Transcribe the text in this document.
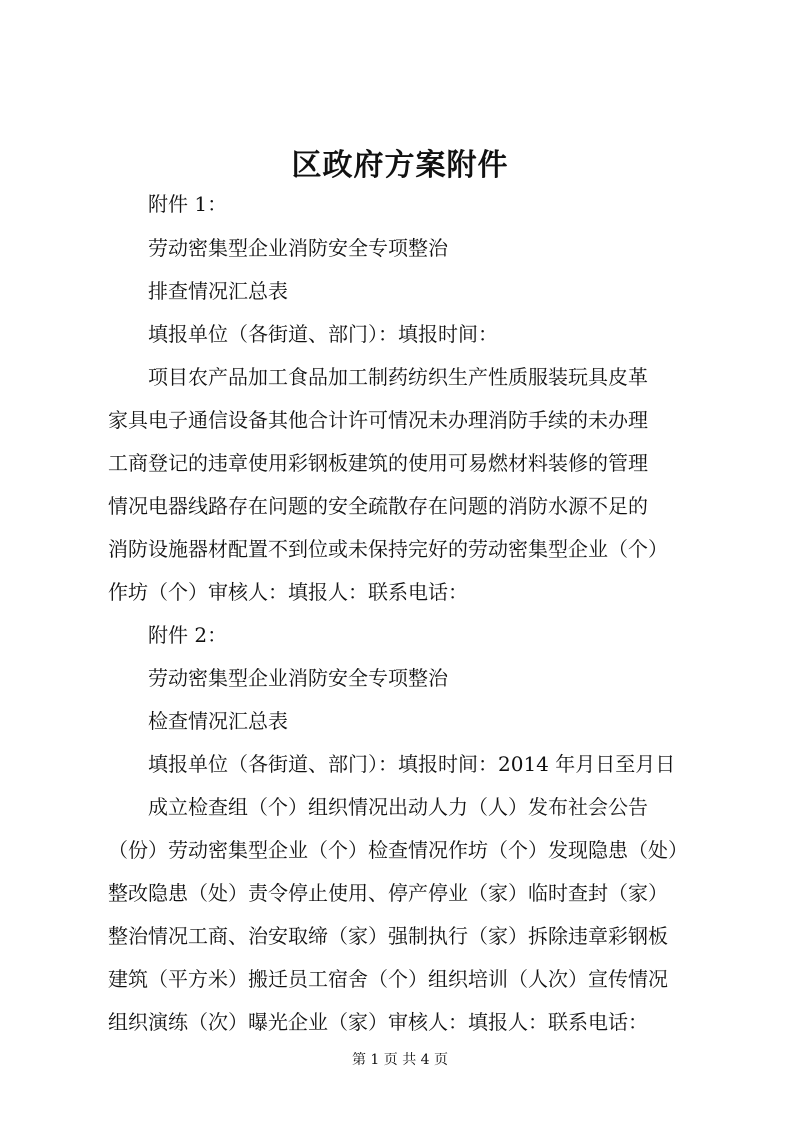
区政府方案附件
附件 1：
劳动密集型企业消防安全专项整治
排查情况汇总表
填报单位（各街道、部门）：填报时间：
项目农产品加工食品加工制药纺织生产性质服装玩具皮革
家具电子通信设备其他合计许可情况未办理消防手续的未办理
工商登记的违章使用彩钢板建筑的使用可易燃材料装修的管理
情况电器线路存在问题的安全疏散存在问题的消防水源不足的
消防设施器材配置不到位或未保持完好的劳动密集型企业（个）
作坊（个）审核人：填报人：联系电话：
附件 2：
劳动密集型企业消防安全专项整治
检查情况汇总表
填报单位（各街道、部门）：填报时间：2014 年月日至月日
成立检查组（个）组织情况出动人力（人）发布社会公告
（份）劳动密集型企业（个）检查情况作坊（个）发现隐患（处）
整改隐患（处）责令停止使用、停产停业（家）临时查封（家）
整治情况工商、治安取缔（家）强制执行（家）拆除违章彩钢板
建筑（平方米）搬迁员工宿舍（个）组织培训（人次）宣传情况
组织演练（次）曝光企业（家）审核人：填报人：联系电话：
第 1 页 共 4 页
